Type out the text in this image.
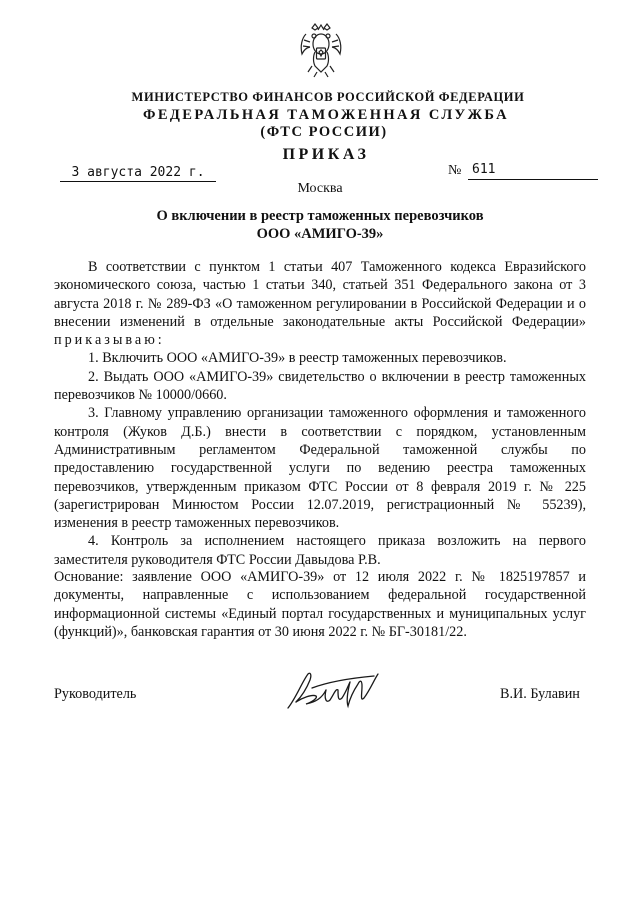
МИНИСТЕРСТВО ФИНАНСОВ РОССИЙСКОЙ ФЕДЕРАЦИИ
ФЕДЕРАЛЬНАЯ ТАМОЖЕННАЯ СЛУЖБА
(ФТС РОССИИ)
ПРИКАЗ
3 августа 2022 г.	№ 611
Москва
О включении в реестр таможенных перевозчиков
ООО «АМИГО-39»

В соответствии с пунктом 1 статьи 407 Таможенного кодекса Евразийского экономического союза, частью 1 статьи 340, статьей 351 Федерального закона от 3 августа 2018 г. № 289-ФЗ «О таможенном регулировании в Российской Федерации и о внесении изменений в отдельные законодательные акты Российской Федерации» приказываю:

1. Включить ООО «АМИГО-39» в реестр таможенных перевозчиков.

2. Выдать ООО «АМИГО-39» свидетельство о включении в реестр таможенных перевозчиков № 10000/0660.

3. Главному управлению организации таможенного оформления и таможенного контроля (Жуков Д.Б.) внести в соответствии с порядком, установленным Административным регламентом Федеральной таможенной службы по предоставлению государственной услуги по ведению реестра таможенных перевозчиков, утвержденным приказом ФТС России от 8 февраля 2019 г. № 225 (зарегистрирован Минюстом России 12.07.2019, регистрационный № 55239), изменения в реестр таможенных перевозчиков.

4. Контроль за исполнением настоящего приказа возложить на первого заместителя руководителя ФТС России Давыдова Р.В.

Основание: заявление ООО «АМИГО-39» от 12 июля 2022 г. № 1825197857 и документы, направленные с использованием федеральной государственной информационной системы «Единый портал государственных и муниципальных услуг (функций)», банковская гарантия от 30 июня 2022 г. № БГ-30181/22.

Руководитель	В.И. Булавин
